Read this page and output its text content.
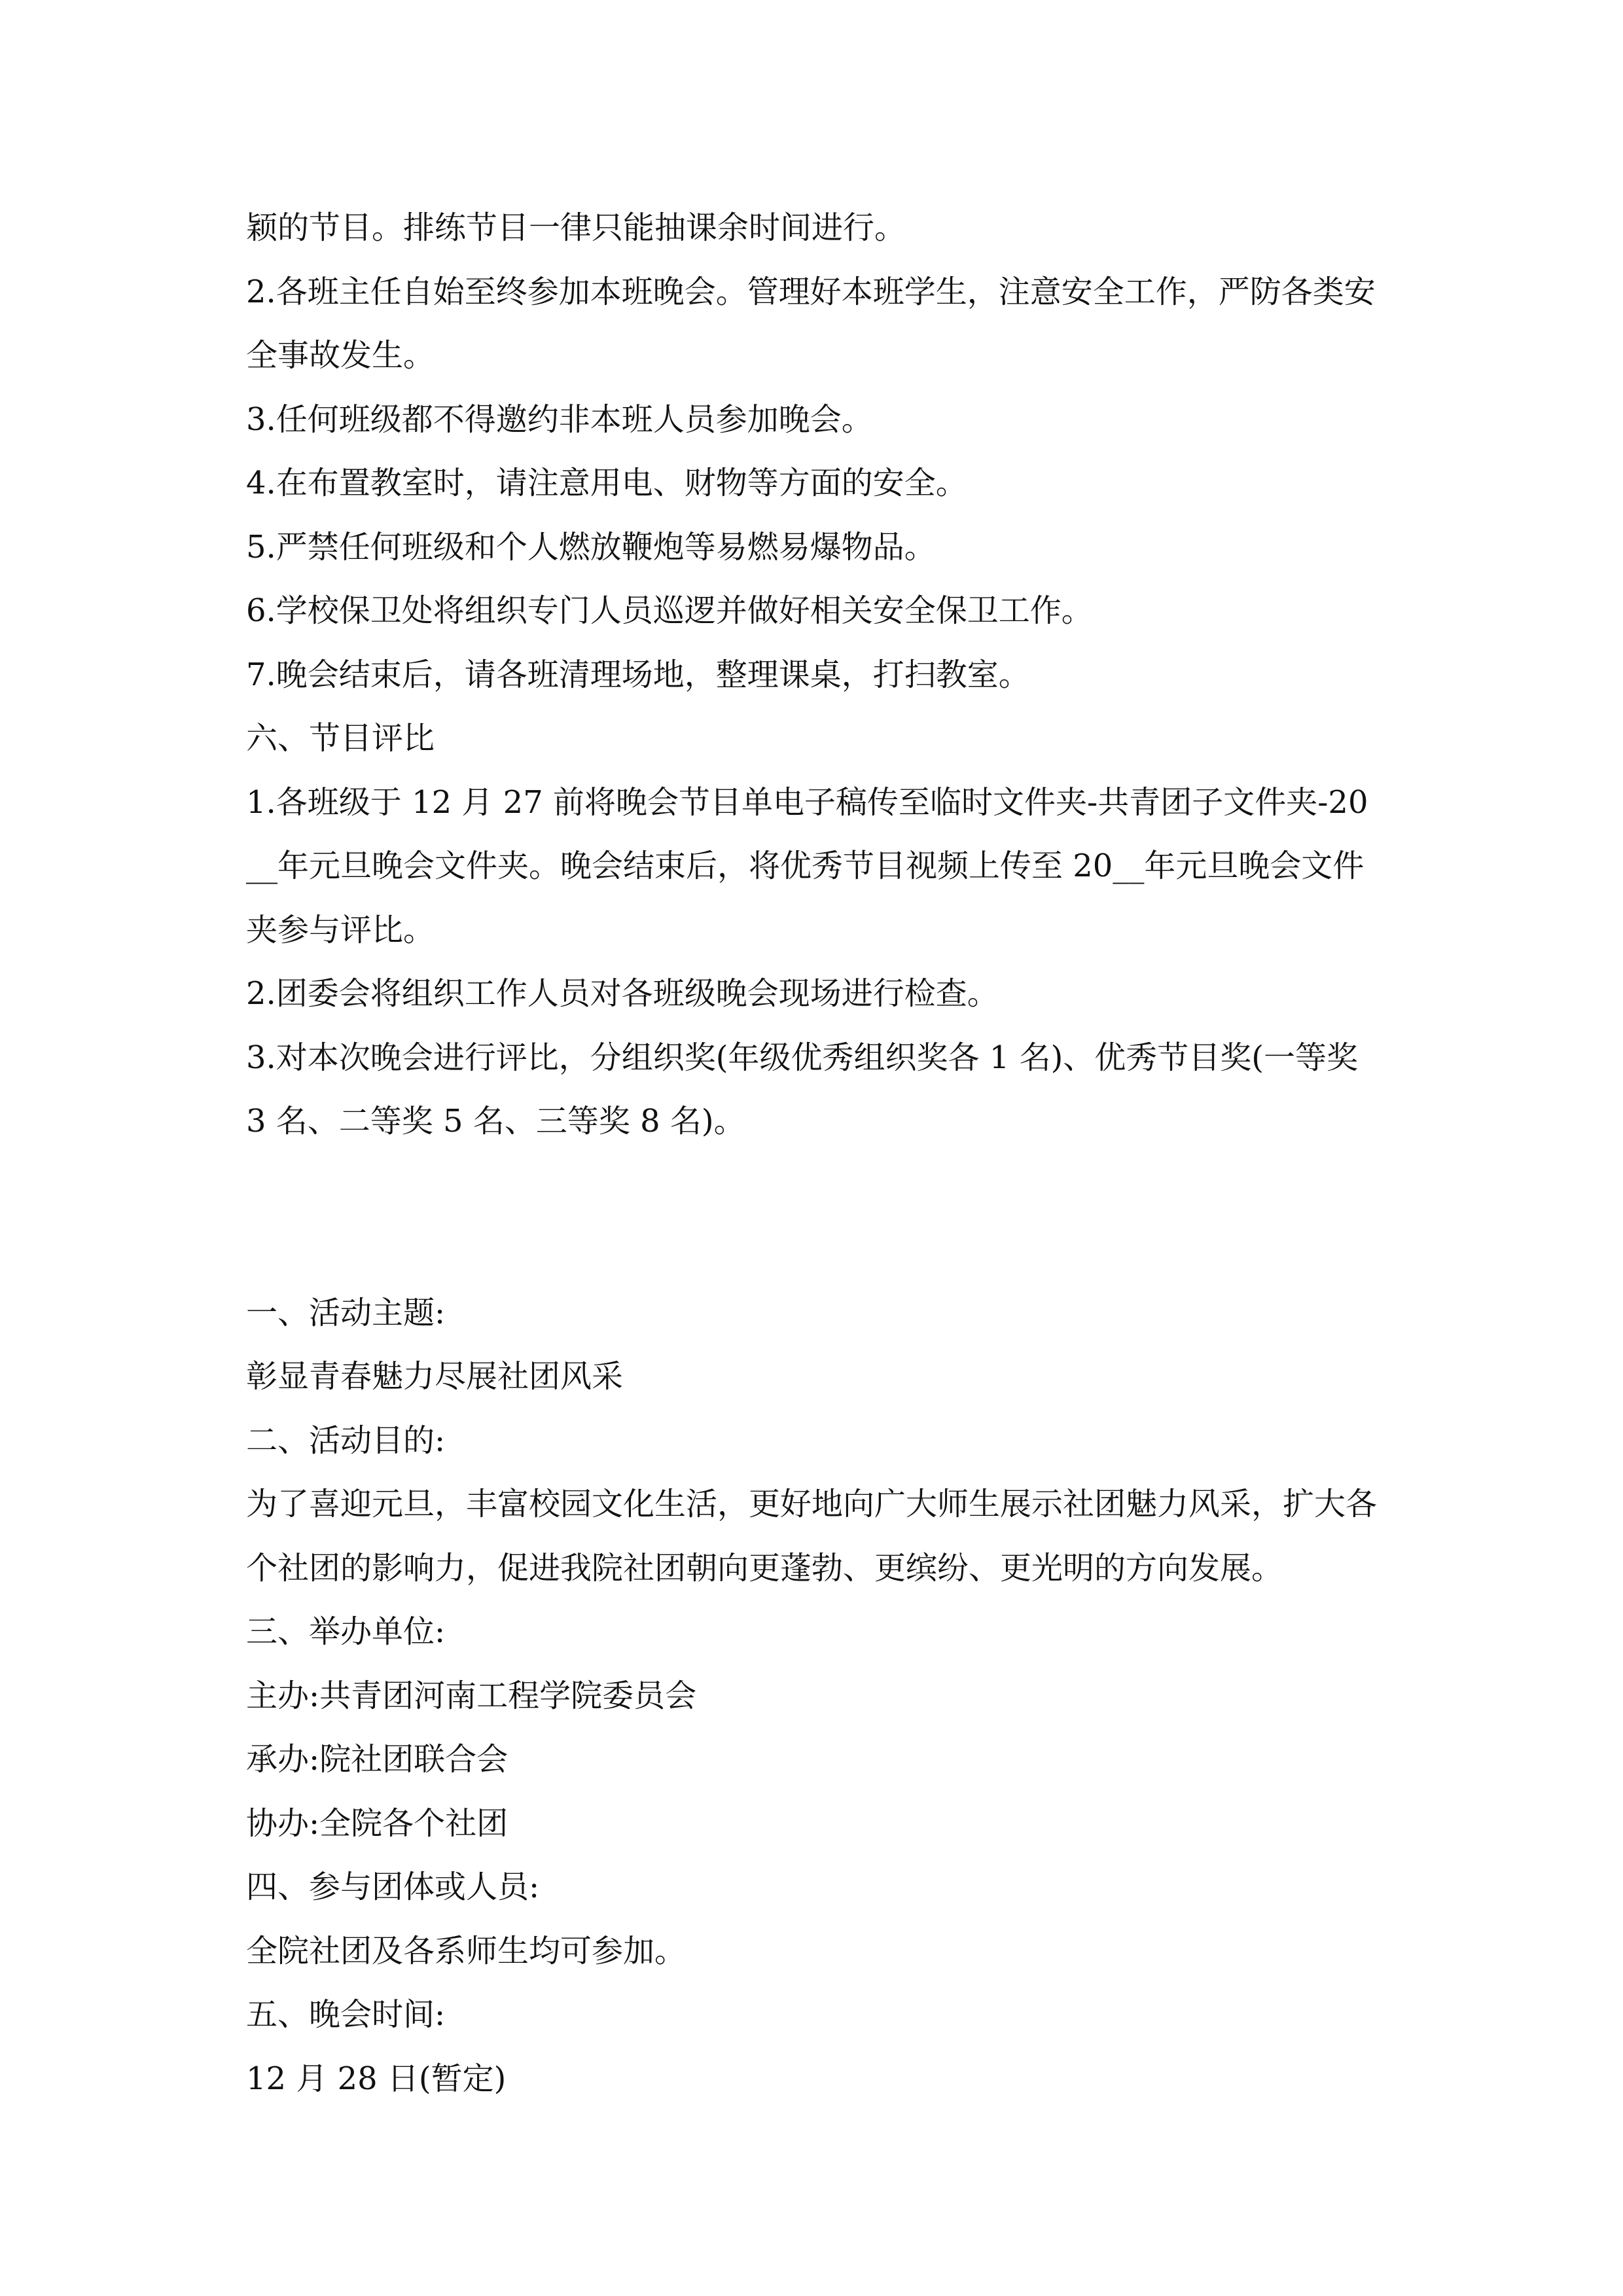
颖的节目。排练节目一律只能抽课余时间进行。

2.各班主任自始至终参加本班晚会。管理好本班学生，注意安全工作，严防各类安全事故发生。

3.任何班级都不得邀约非本班人员参加晚会。

4.在布置教室时，请注意用电、财物等方面的安全。

5.严禁任何班级和个人燃放鞭炮等易燃易爆物品。

6.学校保卫处将组织专门人员巡逻并做好相关安全保卫工作。

7.晚会结束后，请各班清理场地，整理课桌，打扫教室。

六、节目评比

1.各班级于 12 月 27 前将晚会节目单电子稿传至临时文件夹-共青团子文件夹-20__年元旦晚会文件夹。晚会结束后，将优秀节目视频上传至 20__年元旦晚会文件夹参与评比。

2.团委会将组织工作人员对各班级晚会现场进行检查。

3.对本次晚会进行评比，分组织奖(年级优秀组织奖各 1 名)、优秀节目奖(一等奖 3 名、二等奖 5 名、三等奖 8 名)。

一、活动主题:

彰显青春魅力尽展社团风采

二、活动目的:

为了喜迎元旦，丰富校园文化生活，更好地向广大师生展示社团魅力风采，扩大各个社团的影响力，促进我院社团朝向更蓬勃、更缤纷、更光明的方向发展。

三、举办单位:

主办:共青团河南工程学院委员会

承办:院社团联合会

协办:全院各个社团

四、参与团体或人员:

全院社团及各系师生均可参加。

五、晚会时间:

12 月 28 日(暂定)
